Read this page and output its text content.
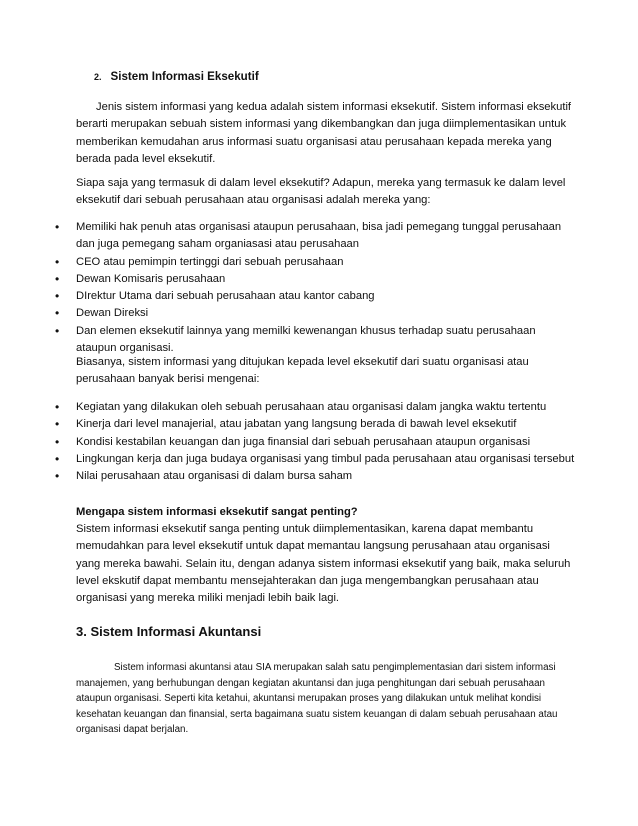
2. Sistem Informasi Eksekutif

Jenis sistem informasi yang kedua adalah sistem informasi eksekutif. Sistem informasi eksekutif berarti merupakan sebuah sistem informasi yang dikembangkan dan juga diimplementasikan untuk memberikan kemudahan arus informasi suatu organisasi atau perusahaan kepada mereka yang berada pada level eksekutif.

Siapa saja yang termasuk di dalam level eksekutif? Adapun, mereka yang termasuk ke dalam level eksekutif dari sebuah perusahaan atau organisasi adalah mereka yang:

• Memiliki hak penuh atas organisasi ataupun perusahaan, bisa jadi pemegang tunggal perusahaan dan juga pemegang saham organiasasi atau perusahaan
• CEO atau pemimpin tertinggi dari sebuah perusahaan
• Dewan Komisaris perusahaan
• DIrektur Utama dari sebuah perusahaan atau kantor cabang
• Dewan Direksi
• Dan elemen eksekutif lainnya yang memilki kewenangan khusus terhadap suatu perusahaan ataupun organisasi.

Biasanya, sistem informasi yang ditujukan kepada level eksekutif dari suatu organisasi atau perusahaan banyak berisi mengenai:

• Kegiatan yang dilakukan oleh sebuah perusahaan atau organisasi dalam jangka waktu tertentu
• Kinerja dari level manajerial, atau jabatan yang langsung berada di bawah level eksekutif
• Kondisi kestabilan keuangan dan juga finansial dari sebuah perusahaan ataupun organisasi
• Lingkungan kerja dan juga budaya organisasi yang timbul pada perusahaan atau organisasi tersebut
• Nilai perusahaan atau organisasi di dalam bursa saham

Mengapa sistem informasi eksekutif sangat penting?

Sistem informasi eksekutif sanga penting untuk diimplementasikan, karena dapat membantu memudahkan para level eksekutif untuk dapat memantau langsung perusahaan atau organisasi yang mereka bawahi. Selain itu, dengan adanya sistem informasi eksekutif yang baik, maka seluruh level ekskutif dapat membantu mensejahterakan dan juga mengembangkan perusahaan atau organisasi yang mereka miliki menjadi lebih baik lagi.

3. Sistem Informasi Akuntansi

Sistem informasi akuntansi atau SIA merupakan salah satu pengimplementasian dari sistem informasi manajemen, yang berhubungan dengan kegiatan akuntansi dan juga penghitungan dari sebuah perusahaan ataupun organisasi. Seperti kita ketahui, akuntansi merupakan proses yang dilakukan untuk melihat kondisi kesehatan keuangan dan finansial, serta bagaimana suatu sistem keuangan di dalam sebuah perusahaan atau organisasi dapat berjalan.
